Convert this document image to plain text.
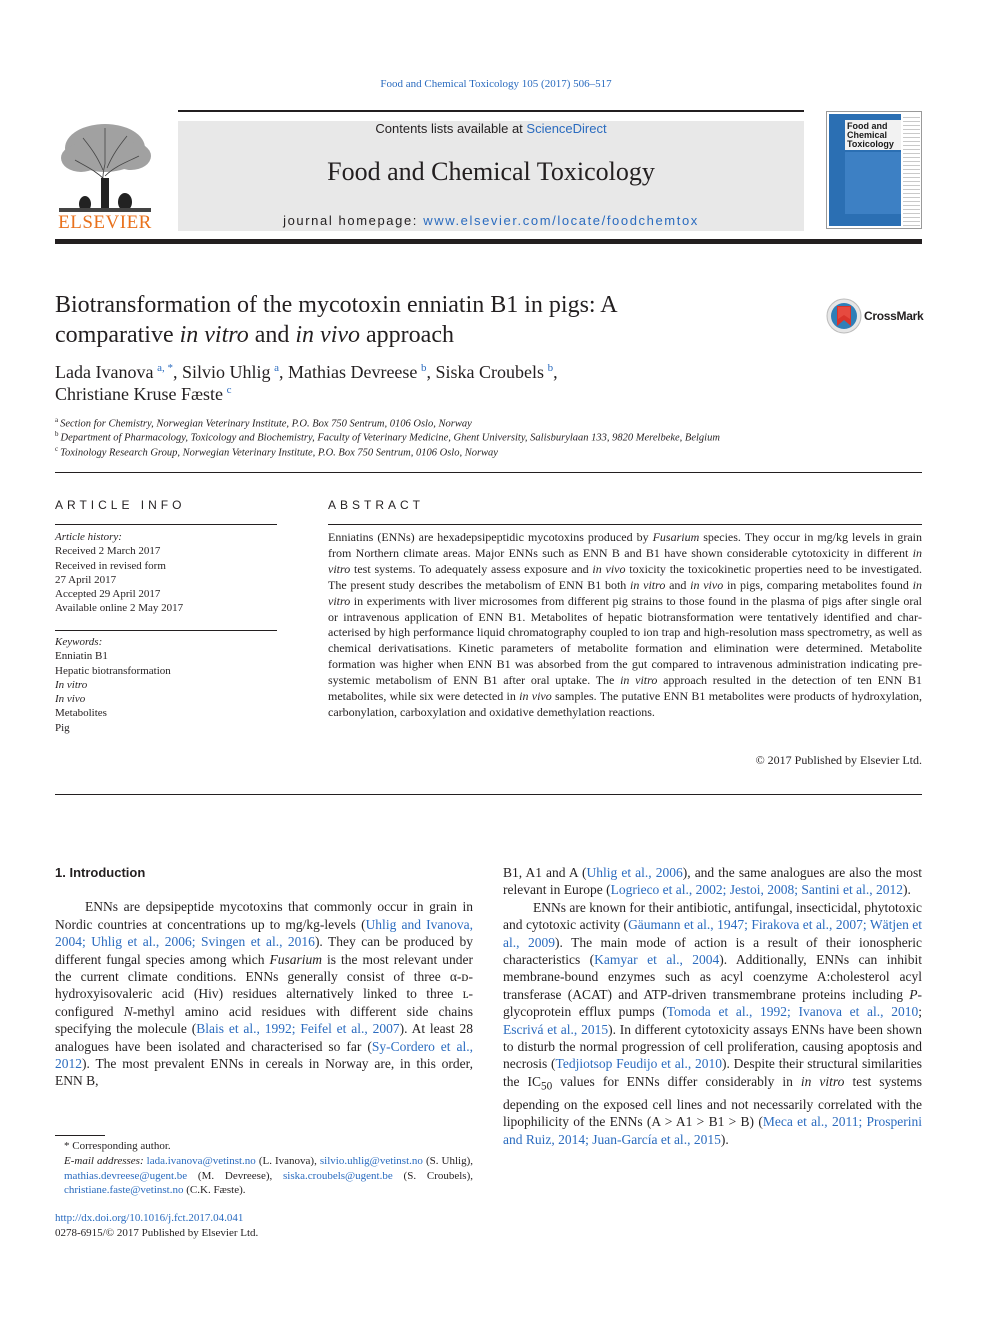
Food and Chemical Toxicology 105 (2017) 506–517
Contents lists available at ScienceDirect
Food and Chemical Toxicology
journal homepage: www.elsevier.com/locate/foodchemtox
ELSEVIER
Food and Chemical Toxicology
Biotransformation of the mycotoxin enniatin B1 in pigs: A
comparative in vitro and in vivo approach
CrossMark
Lada Ivanova  $^{a, *}$, Silvio Uhlig  $^a$, Mathias Devreese  $^b$, Siska Croubels  $^b$,
Christiane Kruse Fæste  $^c$
$^a$ Section for Chemistry, Norwegian Veterinary Institute, P.O. Box 750 Sentrum, 0106 Oslo, Norway
$^b$ Department of Pharmacology, Toxicology and Biochemistry, Faculty of Veterinary Medicine, Ghent University, Salisburylaan 133, 9820 Merelbeke, Belgium
$^c$ Toxinology Research Group, Norwegian Veterinary Institute, P.O. Box 750 Sentrum, 0106 Oslo, Norway
ARTICLE INFO
Article history:
Received 2 March 2017
Received in revised form
27 April 2017
Accepted 29 April 2017
Available online 2 May 2017
Keywords:
Enniatin B1
Hepatic biotransformation
In vitro
In vivo
Metabolites
Pig
ABSTRACT
Enniatins (ENNs) are hexadepsipeptidic mycotoxins produced by Fusarium species. They occur in mg/kg levels in grain from Northern climate areas. Major ENNs such as ENN B and B1 have shown considerable cytotoxicity in different in vitro test systems. To adequately assess exposure and in vivo toxicity the toxicokinetic properties need to be investigated. The present study describes the metabolism of ENN B1 both in vitro and in vivo in pigs, comparing metabolites found in vitro in experiments with liver microsomes from different pig strains to those found in the plasma of pigs after single oral or intravenous application of ENN B1. Metabolites of hepatic biotransformation were tentatively identified and characterised by high performance liquid chromatography coupled to ion trap and high-resolution mass spectrometry, as well as chemical derivatisations. Kinetic parameters of metabolite formation and elimination were determined. Metabolite formation was higher when ENN B1 was absorbed from the gut compared to intravenous administration indicating pre-systemic metabolism of ENN B1 after oral uptake. The in vitro approach resulted in the detection of ten ENN B1 metabolites, while six were detected in in vivo samples. The putative ENN B1 metabolites were products of hydroxylation, carbonylation, carboxylation and oxidative demethylation reactions.
© 2017 Published by Elsevier Ltd.
1. Introduction

ENNs are depsipeptide mycotoxins that commonly occur in grain in Nordic countries at concentrations up to mg/kg-levels (Uhlig and Ivanova, 2004; Uhlig et al., 2006; Svingen et al., 2016). They can be produced by different fungal species among which Fusarium is the most relevant under the current climate conditions. ENNs generally consist of three α-ᴅ-hydroxyisovaleric acid (Hiv) residues alternatively linked to three ʟ-configured N-methyl amino acid residues with different side chains specifying the molecule (Blais et al., 1992; Feifel et al., 2007). At least 28 analogues have been isolated and characterised so far (Sy-Cordero et al., 2012). The most prevalent ENNs in cereals in Norway are, in this order, ENN B,

B1, A1 and A (Uhlig et al., 2006), and the same analogues are also the most relevant in Europe (Logrieco et al., 2002; Jestoi, 2008; Santini et al., 2012).

ENNs are known for their antibiotic, antifungal, insecticidal, phytotoxic and cytotoxic activity (Gäumann et al., 1947; Firakova et al., 2007; Wätjen et al., 2009). The main mode of action is a result of their ionospheric characteristics (Kamyar et al., 2004). Additionally, ENNs can inhibit membrane-bound enzymes such as acyl coenzyme A:cholesterol acyl transferase (ACAT) and ATP-driven transmembrane proteins including P-glycoprotein efflux pumps (Tomoda et al., 1992; Ivanova et al., 2010; Escrivá et al., 2015). In different cytotoxicity assays ENNs have been shown to disturb the normal progression of cell proliferation, causing apoptosis and necrosis (Tedjiotsop Feudijo et al., 2010). Despite their structural similarities the $IC_{50}$ values for ENNs differ considerably in in vitro test systems depending on the exposed cell lines and not necessarily correlated with the lipophilicity of the ENNs (A > A1 > B1 > B) (Meca et al., 2011; Prosperini and Ruiz, 2014; Juan-García et al., 2015).

* Corresponding author.
E-mail addresses: lada.ivanova@vetinst.no (L. Ivanova), silvio.uhlig@vetinst.no (S. Uhlig), mathias.devreese@ugent.be (M. Devreese), siska.croubels@ugent.be (S. Croubels), christiane.faste@vetinst.no (C.K. Fæste).
http://dx.doi.org/10.1016/j.fct.2017.04.041
0278-6915/© 2017 Published by Elsevier Ltd.
